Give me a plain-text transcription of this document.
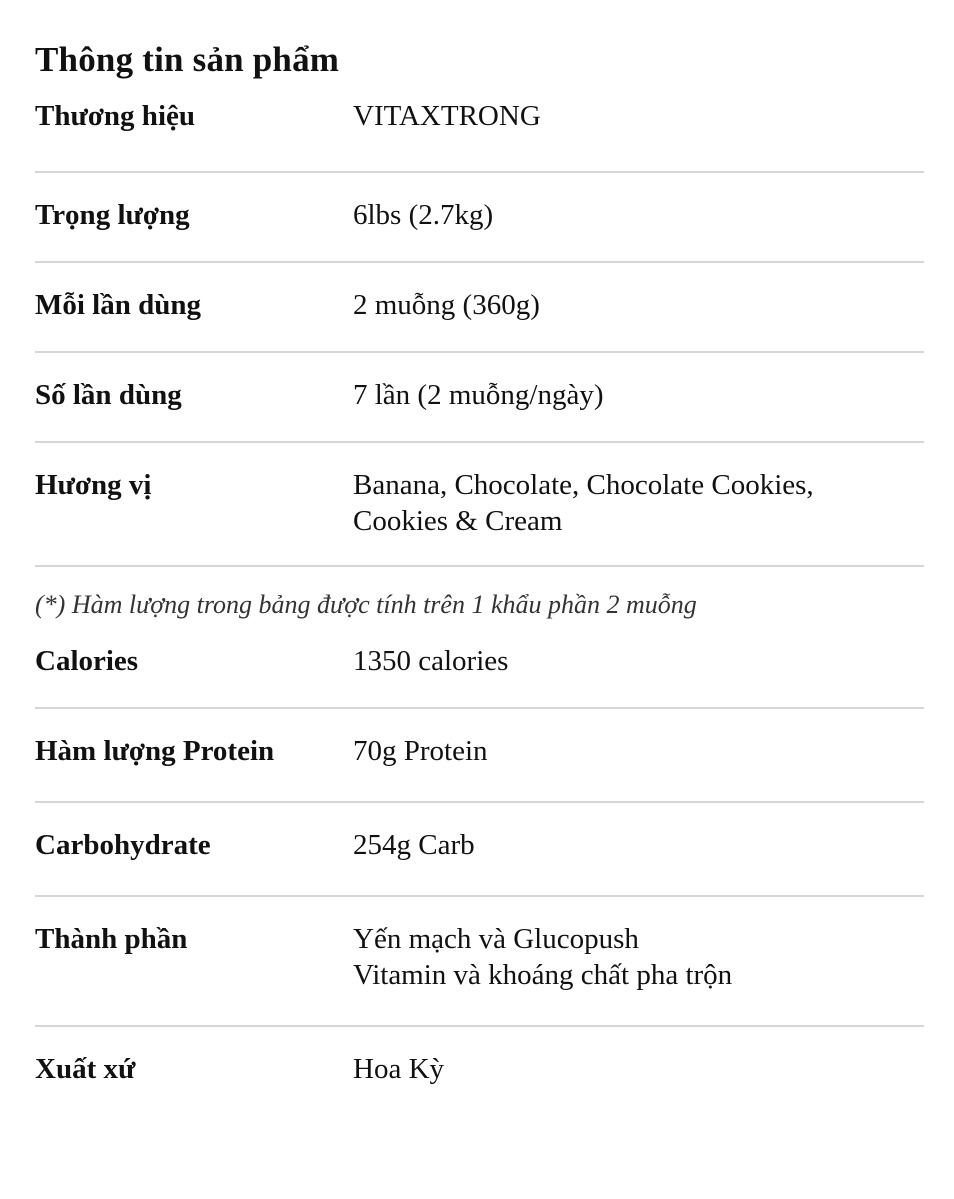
Thông tin sản phẩm
Thương hiệu	VITAXTRONG
Trọng lượng	6lbs (2.7kg)
Mỗi lần dùng	2 muỗng (360g)
Số lần dùng	7 lần (2 muỗng/ngày)
Hương vị	Banana, Chocolate, Chocolate Cookies,
Cookies & Cream
(*) Hàm lượng trong bảng được tính trên 1 khẩu phần 2 muỗng
Calories	1350 calories
Hàm lượng Protein	70g Protein
Carbohydrate	254g Carb
Thành phần	Yến mạch và Glucopush
Vitamin và khoáng chất pha trộn
Xuất xứ	Hoa Kỳ
